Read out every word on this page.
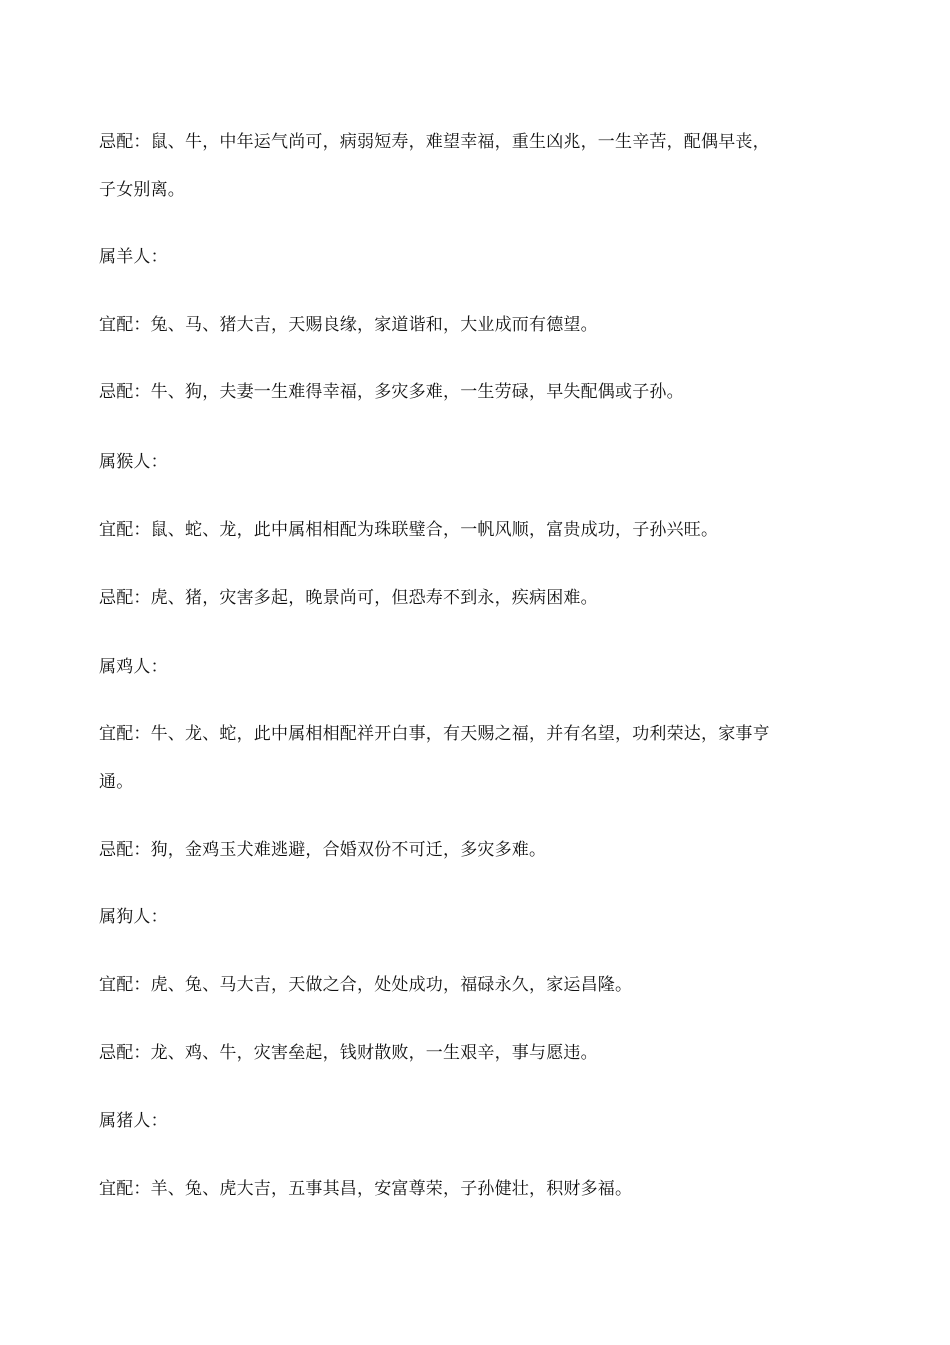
忌配：鼠、牛，中年运气尚可，病弱短寿，难望幸福，重生凶兆，一生辛苦，配偶早丧，
子女别离。
属羊人：
宜配：兔、马、猪大吉，天赐良缘，家道谐和，大业成而有德望。
忌配：牛、狗，夫妻一生难得幸福，多灾多难，一生劳碌，早失配偶或子孙。
属猴人：
宜配：鼠、蛇、龙，此中属相相配为珠联璧合，一帆风顺，富贵成功，子孙兴旺。
忌配：虎、猪，灾害多起，晚景尚可，但恐寿不到永，疾病困难。
属鸡人：
宜配：牛、龙、蛇，此中属相相配祥开白事，有天赐之福，并有名望，功利荣达，家事亨
通。
忌配：狗，金鸡玉犬难逃避，合婚双份不可迁，多灾多难。
属狗人：
宜配：虎、兔、马大吉，天做之合，处处成功，福碌永久，家运昌隆。
忌配：龙、鸡、牛，灾害垒起，钱财散败，一生艰辛，事与愿违。
属猪人：
宜配：羊、兔、虎大吉，五事其昌，安富尊荣，子孙健壮，积财多福。
